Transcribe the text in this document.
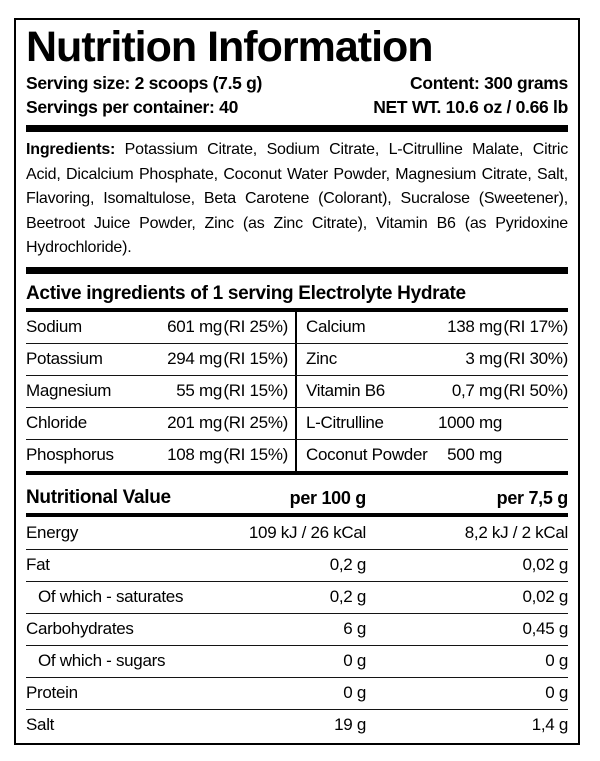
Nutrition Information
Serving size: 2 scoops (7.5 g)	Content: 300 grams
Servings per container: 40	NET WT. 10.6 oz / 0.66 lb

Ingredients: Potassium Citrate, Sodium Citrate, L-Citrulline Malate, Citric Acid, Dicalcium Phosphate, Coconut Water Powder, Magnesium Citrate, Salt, Flavoring, Isomaltulose, Beta Carotene (Colorant), Sucralose (Sweetener), Beetroot Juice Powder, Zinc (as Zinc Citrate), Vitamin B6 (as Pyridoxine Hydrochloride).

Active ingredients of 1 serving Electrolyte Hydrate
Sodium	601 mg (RI 25%) Calcium	138 mg (RI 17%)
Potassium	294 mg (RI 15%) Zinc	3 mg (RI 30%)
Magnesium	55 mg (RI 15%) Vitamin B6	0,7 mg (RI 50%)
Chloride	201 mg (RI 25%) L-Citrulline	1000 mg
Phosphorus	108 mg (RI 15%) Coconut Powder 500 mg
Nutritional Value	per 100 g	per 7,5 g
Energy	109 kJ / 26 kCal	8,2 kJ / 2 kCal
Fat	0,2 g	0,02 g
Of which - saturates	0,2 g	0,02 g
Carbohydrates	6 g	0,45 g
Of which - sugars	0 g	0 g
Protein	0 g	0 g
Salt	19 g	1,4 g
